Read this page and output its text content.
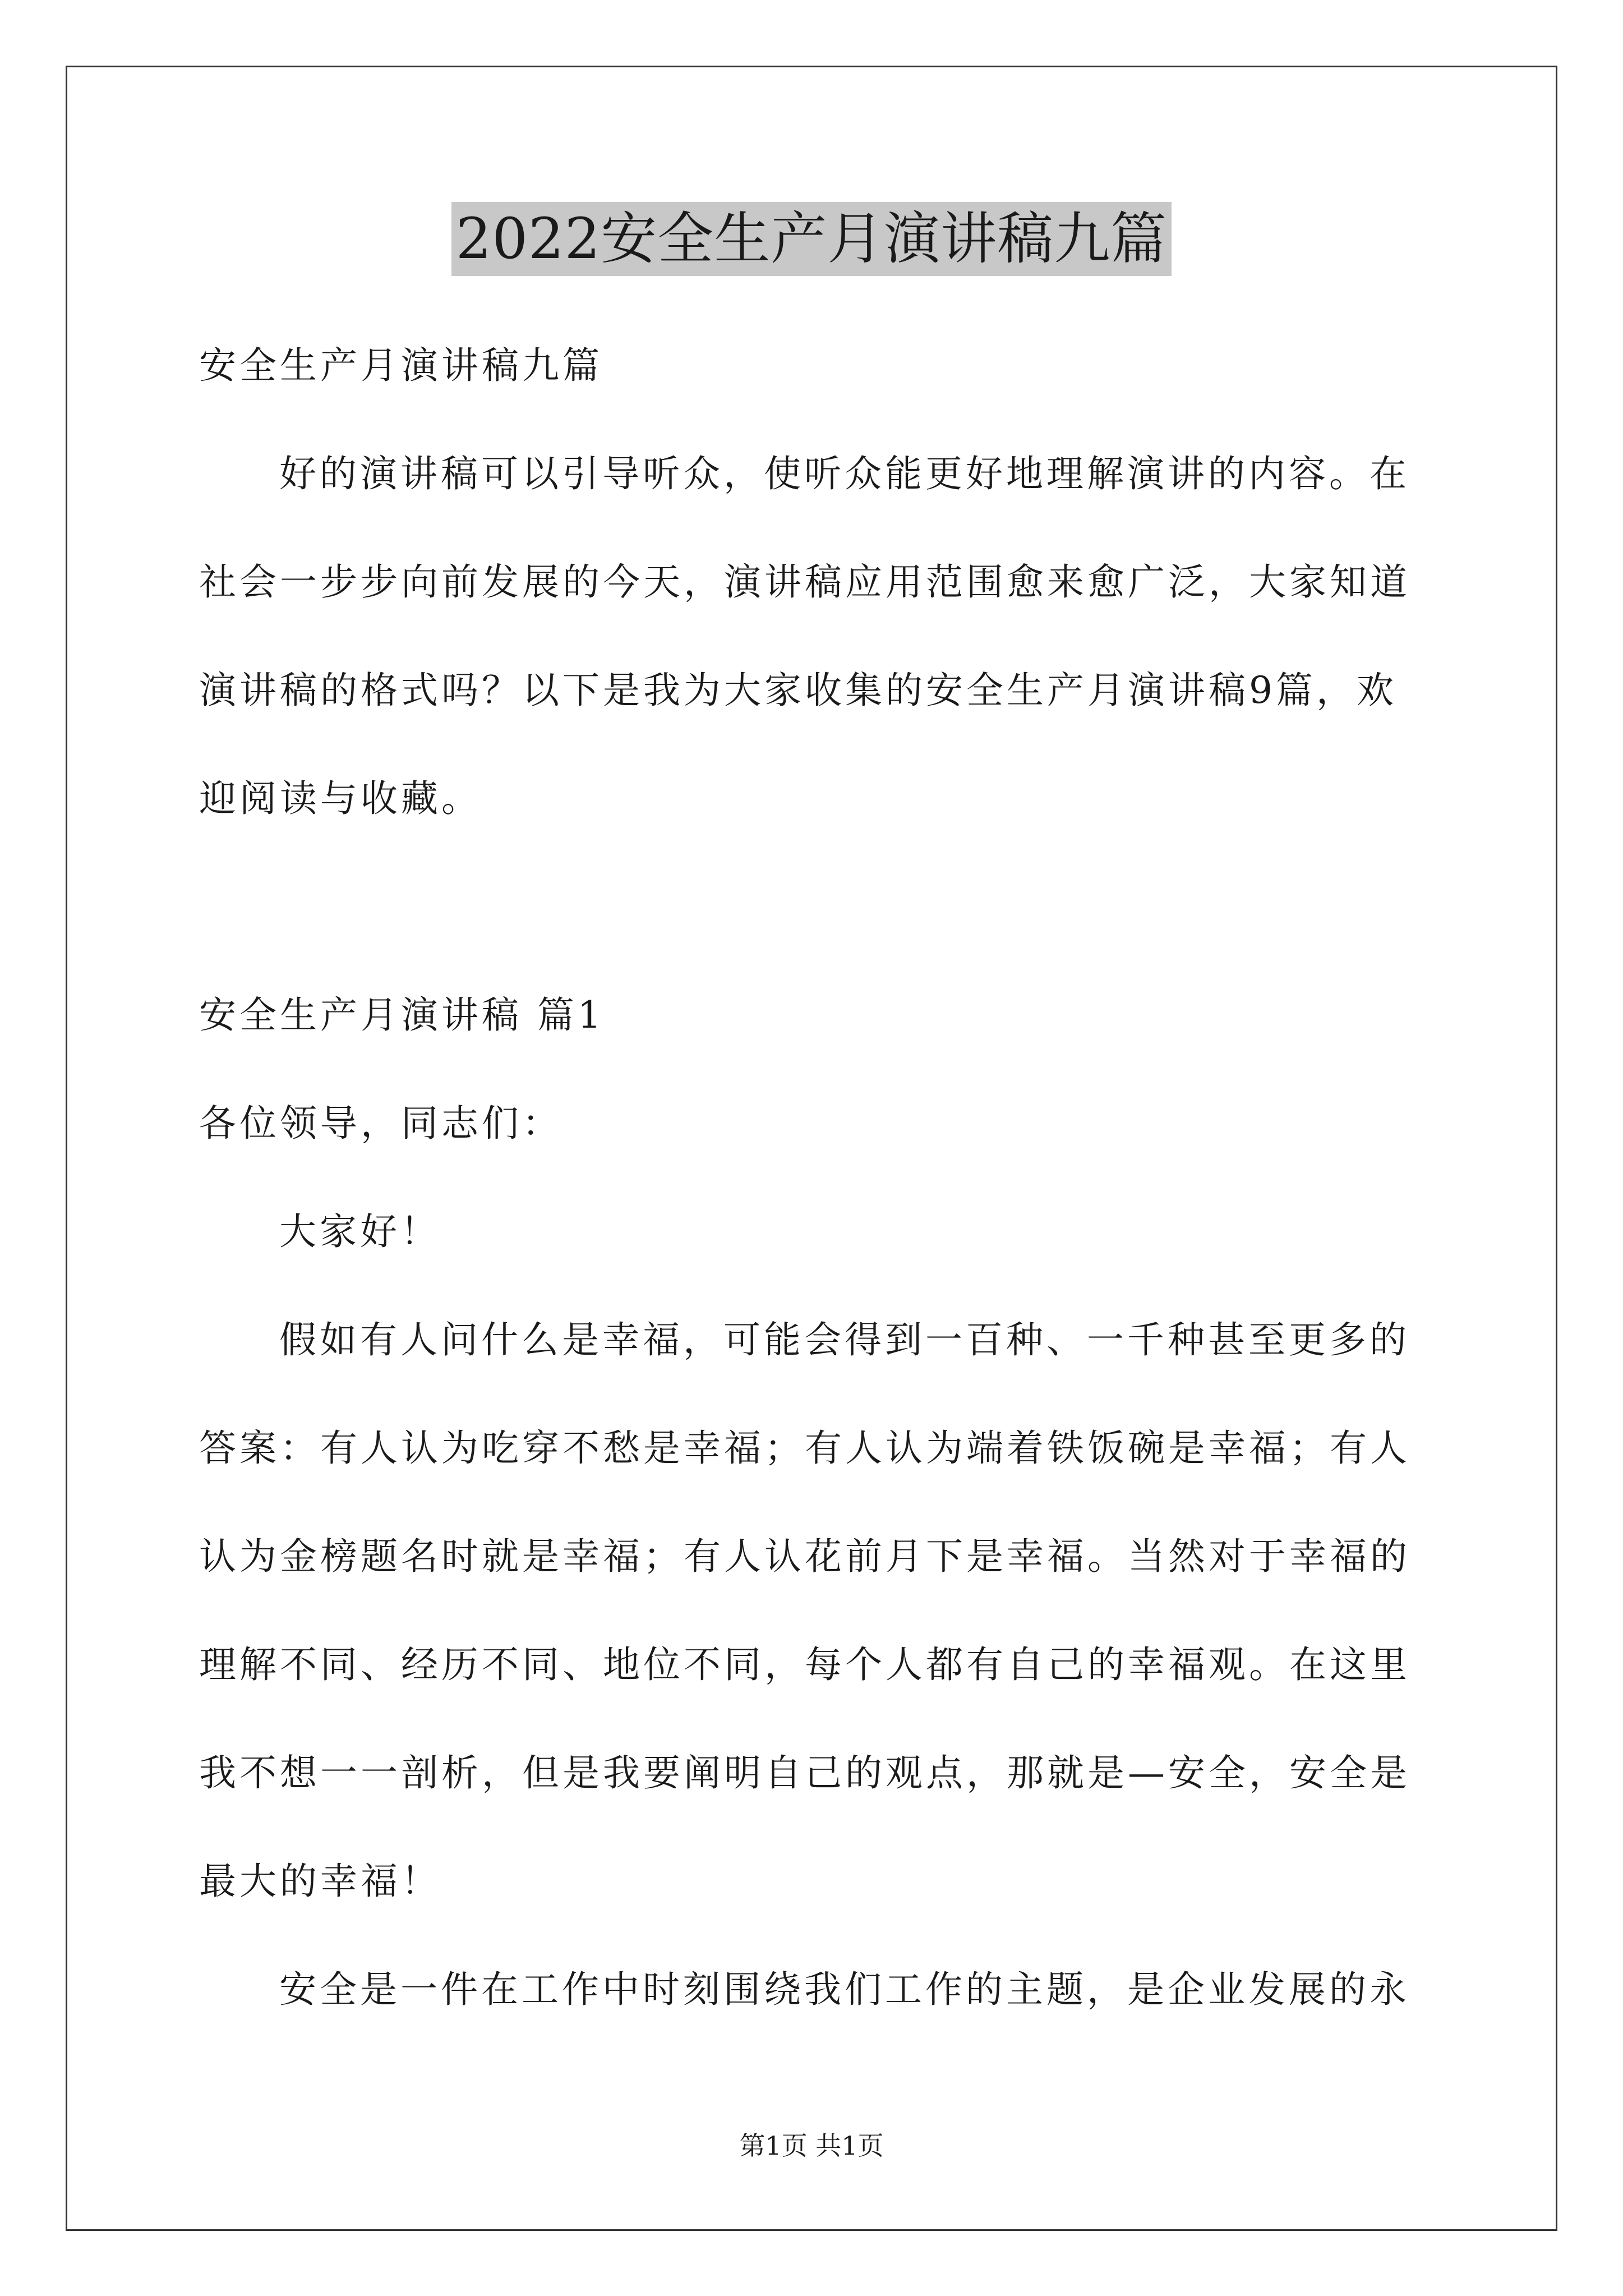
2022安全生产月演讲稿九篇

安全生产月演讲稿九篇

好的演讲稿可以引导听众，使听众能更好地理解演讲的内容。在

社会一步步向前发展的今天，演讲稿应用范围愈来愈广泛，大家知道

演讲稿的格式吗？以下是我为大家收集的安全生产月演讲稿9篇，欢

迎阅读与收藏。

安全生产月演讲稿 篇1

各位领导，同志们：

大家好！

假如有人问什么是幸福，可能会得到一百种、一千种甚至更多的

答案：有人认为吃穿不愁是幸福；有人认为端着铁饭碗是幸福；有人

认为金榜题名时就是幸福；有人认花前月下是幸福。当然对于幸福的

理解不同、经历不同、地位不同，每个人都有自己的幸福观。在这里

我不想一一剖析，但是我要阐明自己的观点，那就是—安全，安全是

最大的幸福！

安全是一件在工作中时刻围绕我们工作的主题，是企业发展的永

第1页 共1页
